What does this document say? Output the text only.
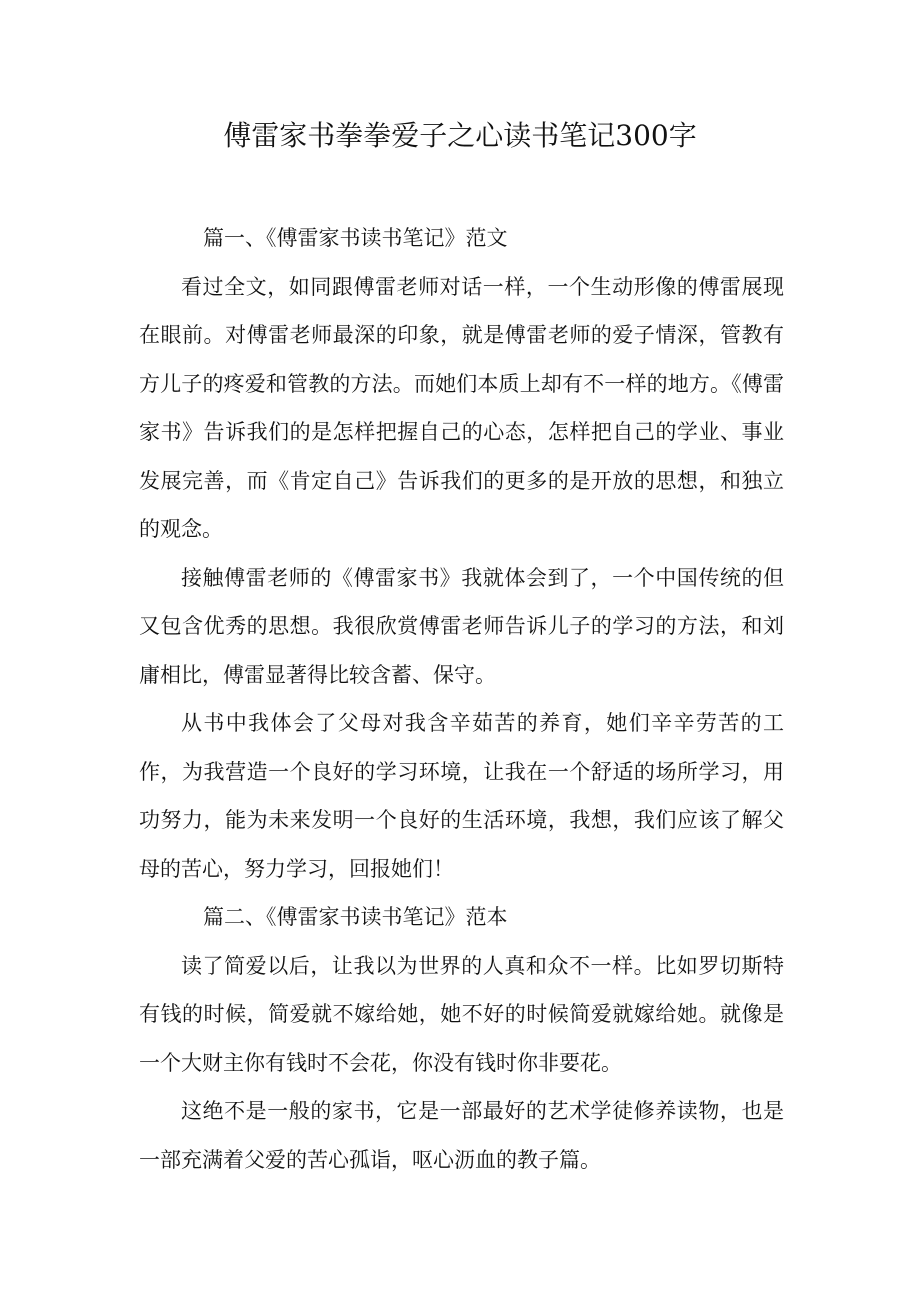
傅雷家书拳拳爱子之心读书笔记300字

篇一、《傅雷家书读书笔记》范文

看过全文，如同跟傅雷老师对话一样，一个生动形像的傅雷展现在眼前。对傅雷老师最深的印象，就是傅雷老师的爱子情深，管教有方儿子的疼爱和管教的方法。而她们本质上却有不一样的地方。《傅雷家书》告诉我们的是怎样把握自己的心态，怎样把自己的学业、事业发展完善，而《肯定自己》告诉我们的更多的是开放的思想，和独立的观念。

接触傅雷老师的《傅雷家书》我就体会到了，一个中国传统的但又包含优秀的思想。我很欣赏傅雷老师告诉儿子的学习的方法，和刘庸相比，傅雷显著得比较含蓄、保守。

从书中我体会了父母对我含辛茹苦的养育，她们辛辛劳苦的工作，为我营造一个良好的学习环境，让我在一个舒适的场所学习，用功努力，能为未来发明一个良好的生活环境，我想，我们应该了解父母的苦心，努力学习，回报她们！

篇二、《傅雷家书读书笔记》范本

读了简爱以后，让我以为世界的人真和众不一样。比如罗切斯特有钱的时候，简爱就不嫁给她，她不好的时候简爱就嫁给她。就像是一个大财主你有钱时不会花，你没有钱时你非要花。

这绝不是一般的家书，它是一部最好的艺术学徒修养读物，也是一部充满着父爱的苦心孤诣，呕心沥血的教子篇。
